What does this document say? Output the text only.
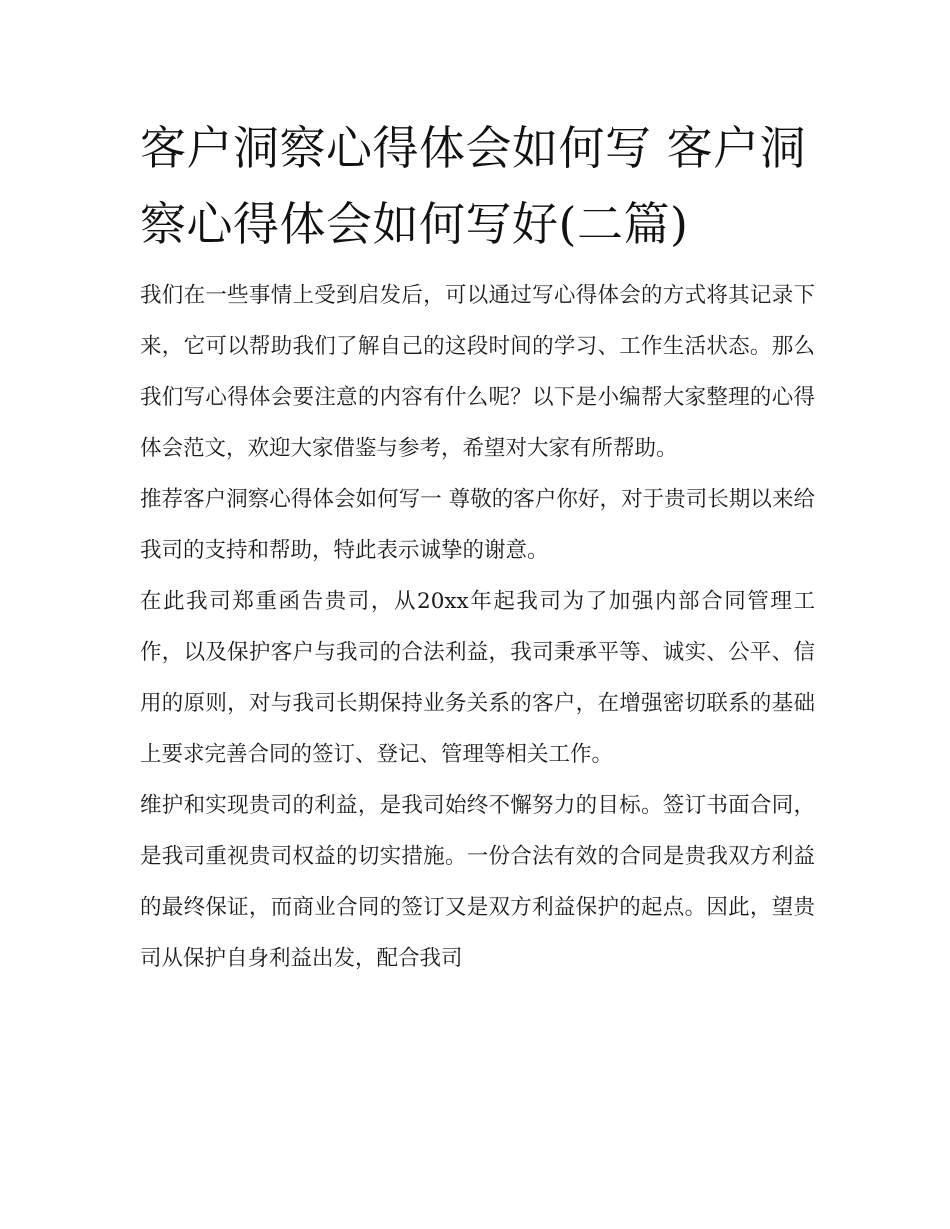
客户洞察心得体会如何写 客户洞察心得体会如何写好(二篇)

我们在一些事情上受到启发后，可以通过写心得体会的方式将其记录下来，它可以帮助我们了解自己的这段时间的学习、工作生活状态。那么我们写心得体会要注意的内容有什么呢？以下是小编帮大家整理的心得体会范文，欢迎大家借鉴与参考，希望对大家有所帮助。

推荐客户洞察心得体会如何写一 尊敬的客户你好，对于贵司长期以来给我司的支持和帮助，特此表示诚挚的谢意。

在此我司郑重函告贵司，从20xx年起我司为了加强内部合同管理工作，以及保护客户与我司的合法利益，我司秉承平等、诚实、公平、信用的原则，对与我司长期保持业务关系的客户，在增强密切联系的基础上要求完善合同的签订、登记、管理等相关工作。

维护和实现贵司的利益，是我司始终不懈努力的目标。签订书面合同，是我司重视贵司权益的切实措施。一份合法有效的合同是贵我双方利益的最终保证，而商业合同的签订又是双方利益保护的起点。因此，望贵司从保护自身利益出发，配合我司
